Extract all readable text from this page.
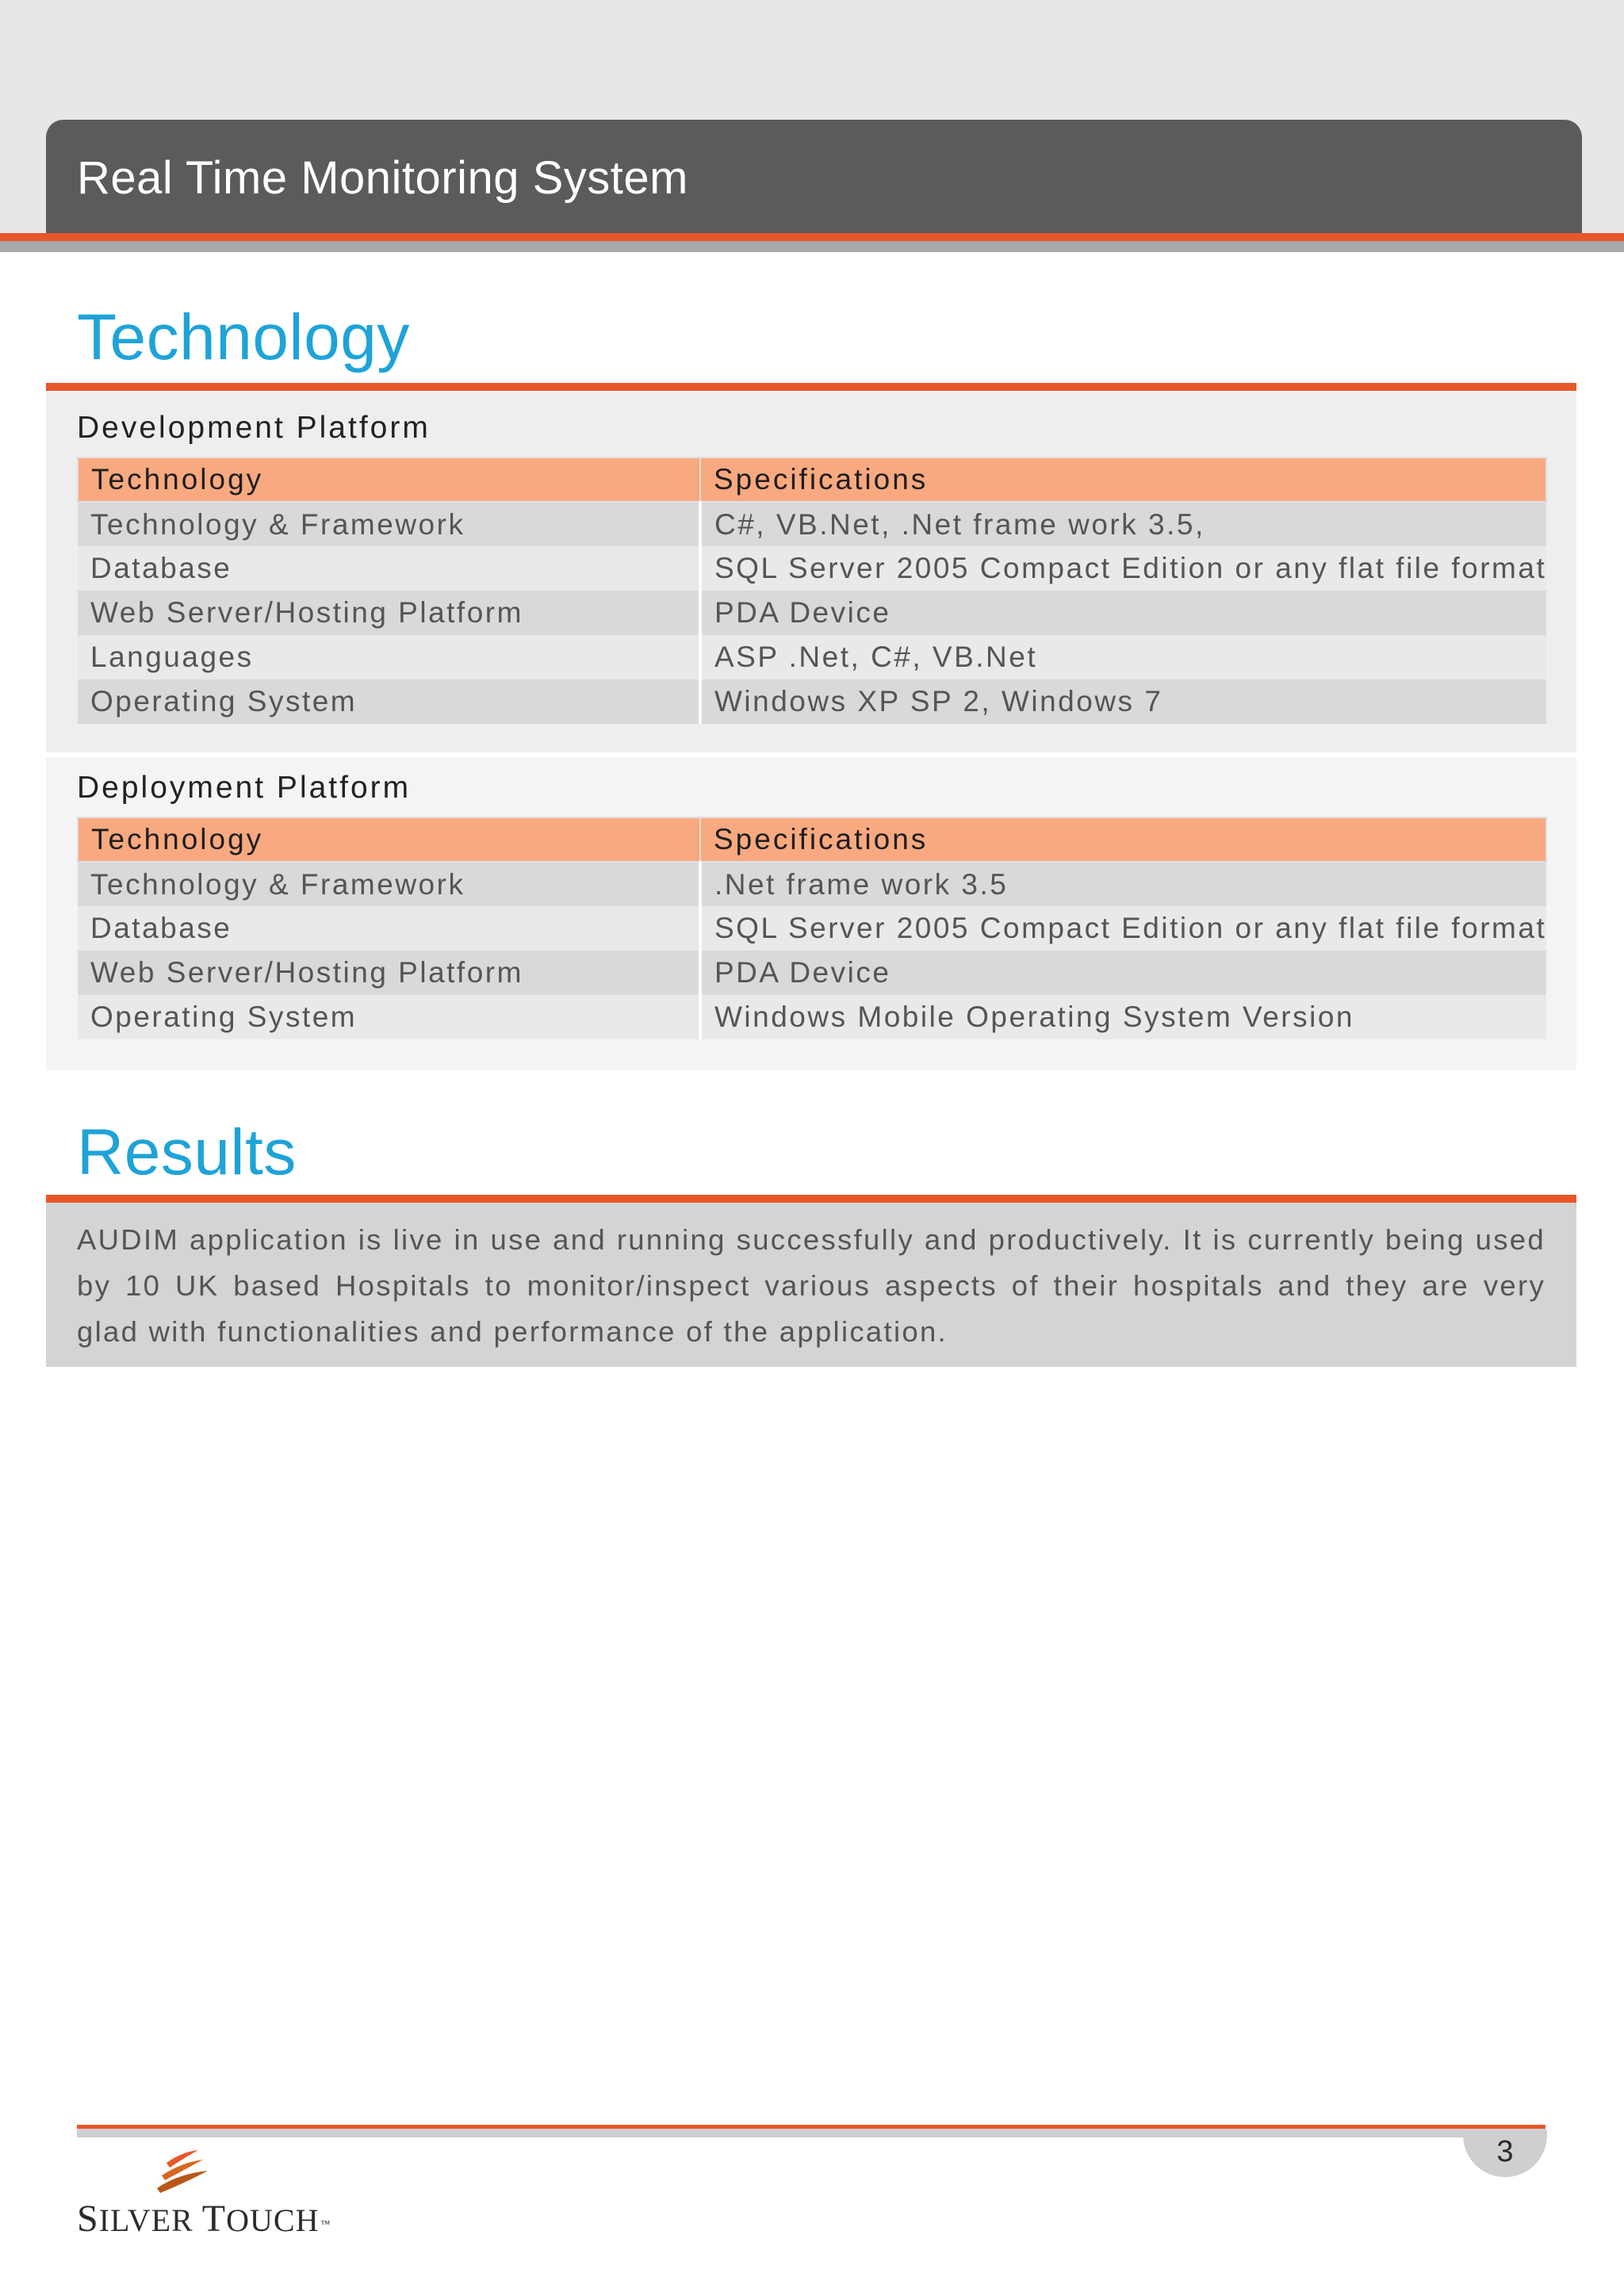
Real Time Monitoring System
Technology
Development Platform
Technology	Specifications
Technology & Framework	C#, VB.Net, .Net frame work 3.5,
Database	SQL Server 2005 Compact Edition or any flat file format
Web Server/Hosting Platform	PDA Device
Languages	ASP .Net, C#, VB.Net
Operating System	Windows XP SP 2, Windows 7
Deployment Platform
Technology	Specifications
Technology & Framework	.Net frame work 3.5
Database	SQL Server 2005 Compact Edition or any flat file format
Web Server/Hosting Platform	PDA Device
Operating System	Windows Mobile Operating System Version
Results

AUDIM application is live in use and running successfully and productively. It is currently being used by 10 UK based Hospitals to monitor/inspect various aspects of their hospitals and they are very glad with functionalities and performance of the application.

3
SILVER TOUCH ™
